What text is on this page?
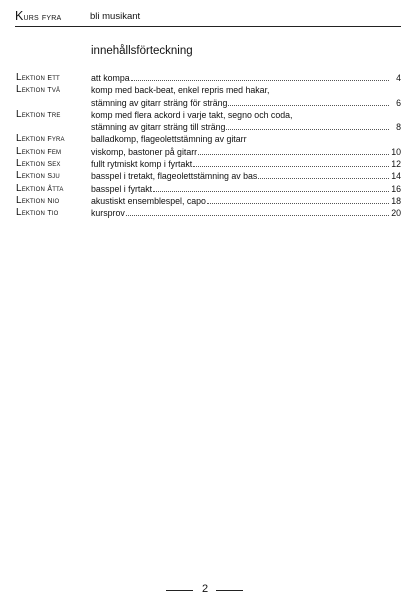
Kurs fyra	bli musikant
innehållsförteckning
Lektion ett	att kompa	4
Lektion två	komp med back-beat, enkel repris med hakar,
stämning av gitarr sträng för sträng	6
Lektion tre	komp med flera ackord i varje takt, segno och coda,
stämning av gitarr sträng till sträng	8
Lektion fyra	balladkomp, flageolettstämning av gitarr
Lektion fem	viskomp, bastoner på gitarr	10
Lektion sex	fullt rytmiskt komp i fyrtakt	12
Lektion sju	basspel i tretakt, flageolettstämning av bas	14
Lektion åtta	basspel i fyrtakt	16
Lektion nio	akustiskt ensemblespel, capo	18
Lektion tio	kursprov	20
2
